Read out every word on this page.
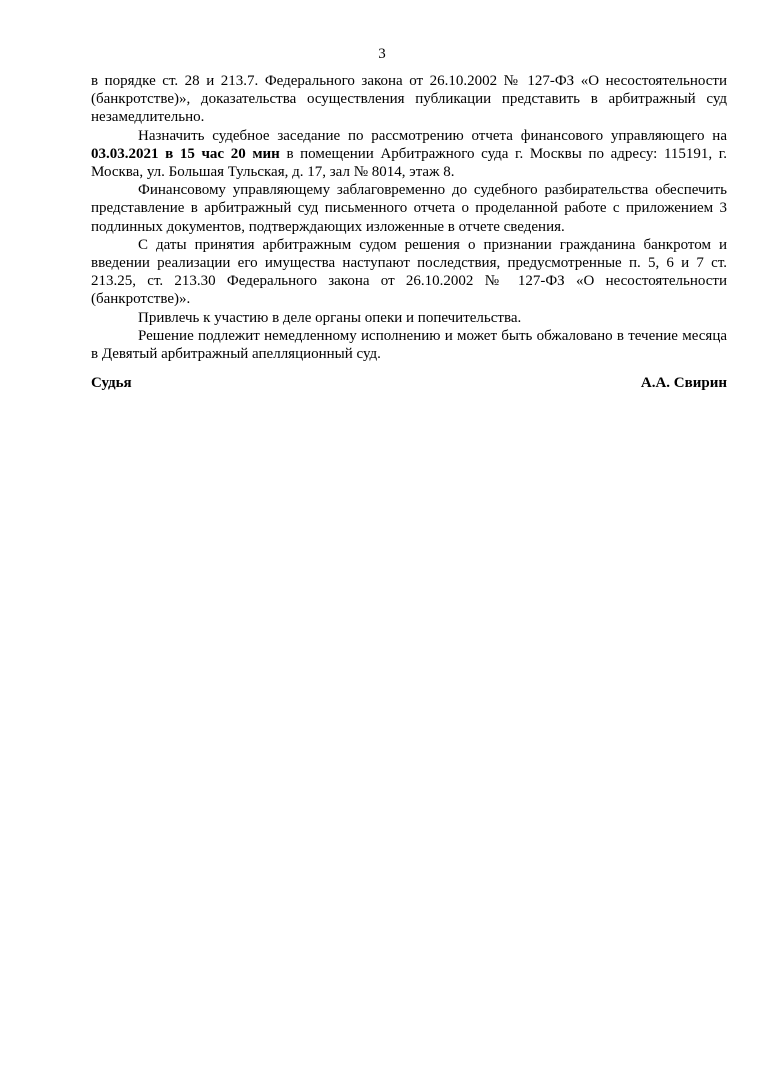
3

в порядке ст. 28 и 213.7. Федерального закона от 26.10.2002 № 127-ФЗ «О несостоятельности (банкротстве)», доказательства осуществления публикации представить в арбитражный суд незамедлительно.

Назначить судебное заседание по рассмотрению отчета финансового управляющего на 03.03.2021 в 15 час 20 мин в помещении Арбитражного суда г. Москвы по адресу: 115191, г. Москва, ул. Большая Тульская, д. 17, зал № 8014, этаж 8.

Финансовому управляющему заблаговременно до судебного разбирательства обеспечить представление в арбитражный суд письменного отчета о проделанной работе с приложением 3 подлинных документов, подтверждающих изложенные в отчете сведения.

С даты принятия арбитражным судом решения о признании гражданина банкротом и введении реализации его имущества наступают последствия, предусмотренные п. 5, 6 и 7 ст. 213.25, ст. 213.30 Федерального закона от 26.10.2002 № 127-ФЗ «О несостоятельности (банкротстве)».

Привлечь к участию в деле органы опеки и попечительства.

Решение подлежит немедленному исполнению и может быть обжаловано в течение месяца в Девятый арбитражный апелляционный суд.

Судья	А.А. Свирин
